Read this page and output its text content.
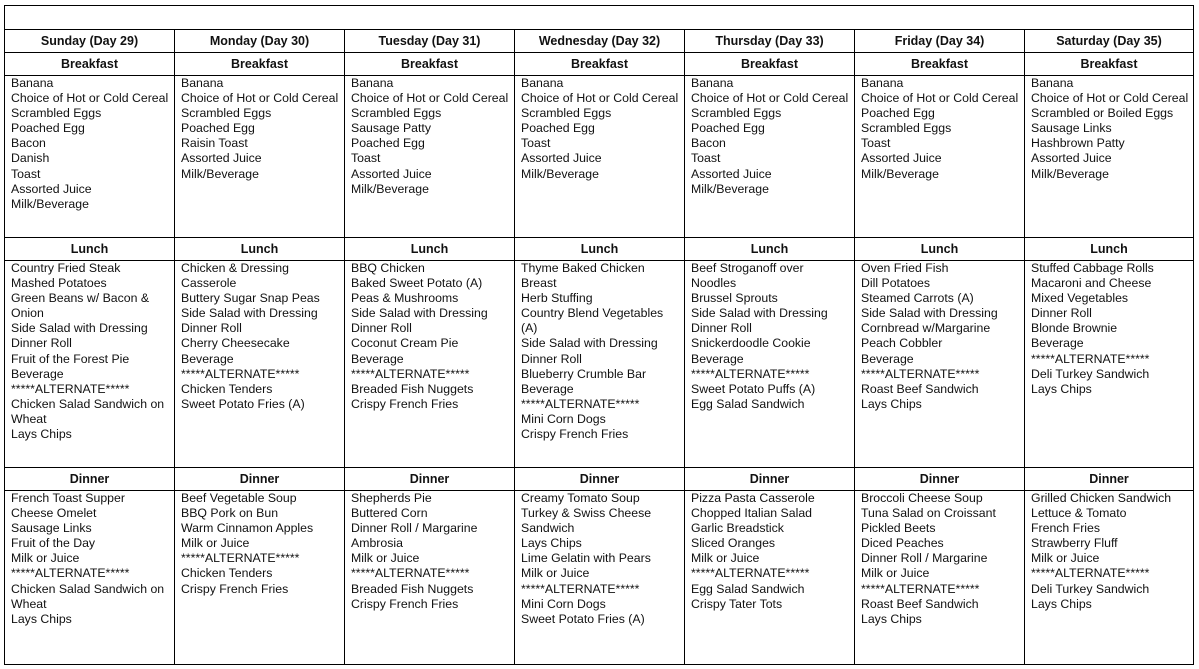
Sunday (Day 29)
Breakfast
Banana
Choice of Hot or Cold Cereal
Scrambled Eggs
Poached Egg
Bacon
Danish
Toast
Assorted Juice
Milk/Beverage
Lunch
Country Fried Steak
Mashed Potatoes
Green Beans w/ Bacon &
Onion
Side Salad with Dressing
Dinner Roll
Fruit of the Forest Pie
Beverage
*****ALTERNATE*****
Chicken Salad Sandwich on
Wheat
Lays Chips
Dinner
French Toast Supper
Cheese Omelet
Sausage Links
Fruit of the Day
Milk or Juice
*****ALTERNATE*****
Chicken Salad Sandwich on
Wheat
Lays Chips
Monday (Day 30)
Breakfast
Banana
Choice of Hot or Cold Cereal
Scrambled Eggs
Poached Egg
Raisin Toast
Assorted Juice
Milk/Beverage
Lunch
Chicken & Dressing
Casserole
Buttery Sugar Snap Peas
Side Salad with Dressing
Dinner Roll
Cherry Cheesecake
Beverage
*****ALTERNATE*****
Chicken Tenders
Sweet Potato Fries (A)
Dinner
Beef Vegetable Soup
BBQ Pork on Bun
Warm Cinnamon Apples
Milk or Juice
*****ALTERNATE*****
Chicken Tenders
Crispy French Fries
Tuesday (Day 31)
Breakfast
Banana
Choice of Hot or Cold Cereal
Scrambled Eggs
Sausage Patty
Poached Egg
Toast
Assorted Juice
Milk/Beverage
Lunch
BBQ Chicken
Baked Sweet Potato (A)
Peas & Mushrooms
Side Salad with Dressing
Dinner Roll
Coconut Cream Pie
Beverage
*****ALTERNATE*****
Breaded Fish Nuggets
Crispy French Fries
Dinner
Shepherds Pie
Buttered Corn
Dinner Roll / Margarine
Ambrosia
Milk or Juice
*****ALTERNATE*****
Breaded Fish Nuggets
Crispy French Fries
Wednesday (Day 32)
Breakfast
Banana
Choice of Hot or Cold Cereal
Scrambled Eggs
Poached Egg
Toast
Assorted Juice
Milk/Beverage
Lunch
Thyme Baked Chicken
Breast
Herb Stuffing
Country Blend Vegetables
(A)
Side Salad with Dressing
Dinner Roll
Blueberry Crumble Bar
Beverage
*****ALTERNATE*****
Mini Corn Dogs
Crispy French Fries
Dinner
Creamy Tomato Soup
Turkey & Swiss Cheese
Sandwich
Lays Chips
Lime Gelatin with Pears
Milk or Juice
*****ALTERNATE*****
Mini Corn Dogs
Sweet Potato Fries (A)
Thursday (Day 33)
Breakfast
Banana
Choice of Hot or Cold Cereal
Scrambled Eggs
Poached Egg
Bacon
Toast
Assorted Juice
Milk/Beverage
Lunch
Beef Stroganoff over
Noodles
Brussel Sprouts
Side Salad with Dressing
Dinner Roll
Snickerdoodle Cookie
Beverage
*****ALTERNATE*****
Sweet Potato Puffs (A)
Egg Salad Sandwich
Dinner
Pizza Pasta Casserole
Chopped Italian Salad
Garlic Breadstick
Sliced Oranges
Milk or Juice
*****ALTERNATE*****
Egg Salad Sandwich
Crispy Tater Tots
Friday (Day 34)
Breakfast
Banana
Choice of Hot or Cold Cereal
Poached Egg
Scrambled Eggs
Toast
Assorted Juice
Milk/Beverage
Lunch
Oven Fried Fish
Dill Potatoes
Steamed Carrots (A)
Side Salad with Dressing
Cornbread w/Margarine
Peach Cobbler
Beverage
*****ALTERNATE*****
Roast Beef Sandwich
Lays Chips
Dinner
Broccoli Cheese Soup
Tuna Salad on Croissant
Pickled Beets
Diced Peaches
Dinner Roll / Margarine
Milk or Juice
*****ALTERNATE*****
Roast Beef Sandwich
Lays Chips
Saturday (Day 35)
Breakfast
Banana
Choice of Hot or Cold Cereal
Scrambled or Boiled Eggs
Sausage Links
Hashbrown Patty
Assorted Juice
Milk/Beverage
Lunch
Stuffed Cabbage Rolls
Macaroni and Cheese
Mixed Vegetables
Dinner Roll
Blonde Brownie
Beverage
*****ALTERNATE*****
Deli Turkey Sandwich
Lays Chips
Dinner
Grilled Chicken Sandwich
Lettuce & Tomato
French Fries
Strawberry Fluff
Milk or Juice
*****ALTERNATE*****
Deli Turkey Sandwich
Lays Chips
